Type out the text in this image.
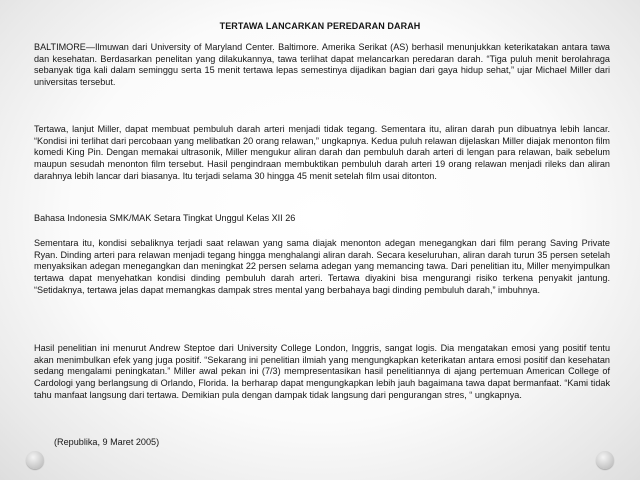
TERTAWA LANCARKAN PEREDARAN DARAH

BALTIMORE—Ilmuwan dari University of Maryland Center. Baltimore. Amerika Serikat (AS) berhasil menunjukkan keterikatakan antara tawa dan kesehatan. Berdasarkan penelitan yang dilakukannya, tawa terlihat dapat melancarkan peredaran darah. “Tiga puluh menit berolahraga sebanyak tiga kali dalam seminggu serta 15 menit tertawa lepas semestinya dijadikan bagian dari gaya hidup sehat,” ujar Michael Miller dari universitas tersebut.

Tertawa, lanjut Miller, dapat membuat pembuluh darah arteri menjadi tidak tegang. Sementara itu, aliran darah pun dibuatnya lebih lancar. “Kondisi ini terlihat dari percobaan yang melibatkan 20 orang relawan,” ungkapnya. Kedua puluh relawan dijelaskan Miller diajak menonton film komedi King Pin. Dengan memakai ultrasonik, Miller mengukur aliran darah dan pembuluh darah arteri di lengan para relawan, baik sebelum maupun sesudah menonton film tersebut. Hasil pengindraan membuktikan pembuluh darah arteri 19 orang relawan menjadi rileks dan aliran darahnya lebih lancar dari biasanya. Itu terjadi selama 30 hingga 45 menit setelah film usai ditonton.

Bahasa Indonesia SMK/MAK Setara Tingkat Unggul Kelas XII 26

Sementara itu, kondisi sebaliknya terjadi saat relawan yang sama diajak menonton adegan menegangkan dari film perang Saving Private Ryan. Dinding arteri para relawan menjadi tegang hingga menghalangi aliran darah. Secara keseluruhan, aliran darah turun 35 persen setelah menyaksikan adegan menegangkan dan meningkat 22 persen selama adegan yang memancing tawa. Dari penelitian itu, Miller menyimpulkan tertawa dapat menyehatkan kondisi dinding pembuluh darah arteri. Tertawa diyakini bisa mengurangi risiko terkena penyakit jantung. “Setidaknya, tertawa jelas dapat memangkas dampak stres mental yang berbahaya bagi dinding pembuluh darah,” imbuhnya.

Hasil penelitian ini menurut Andrew Steptoe dari University College London, Inggris, sangat logis. Dia mengatakan emosi yang positif tentu akan menimbulkan efek yang juga positif. “Sekarang ini penelitian ilmiah yang mengungkapkan keterikatan antara emosi positif dan kesehatan sedang mengalami peningkatan.” Miller awal pekan ini (7/3) mempresentasikan hasil penelitiannya di ajang pertemuan American College of Cardologi yang berlangsung di Orlando, Florida. Ia berharap dapat mengungkapkan lebih jauh bagaimana tawa dapat bermanfaat. “Kami tidak tahu manfaat langsung dari tertawa. Demikian pula dengan dampak tidak langsung dari pengurangan stres, “ ungkapnya.

(Republika, 9 Maret 2005)
